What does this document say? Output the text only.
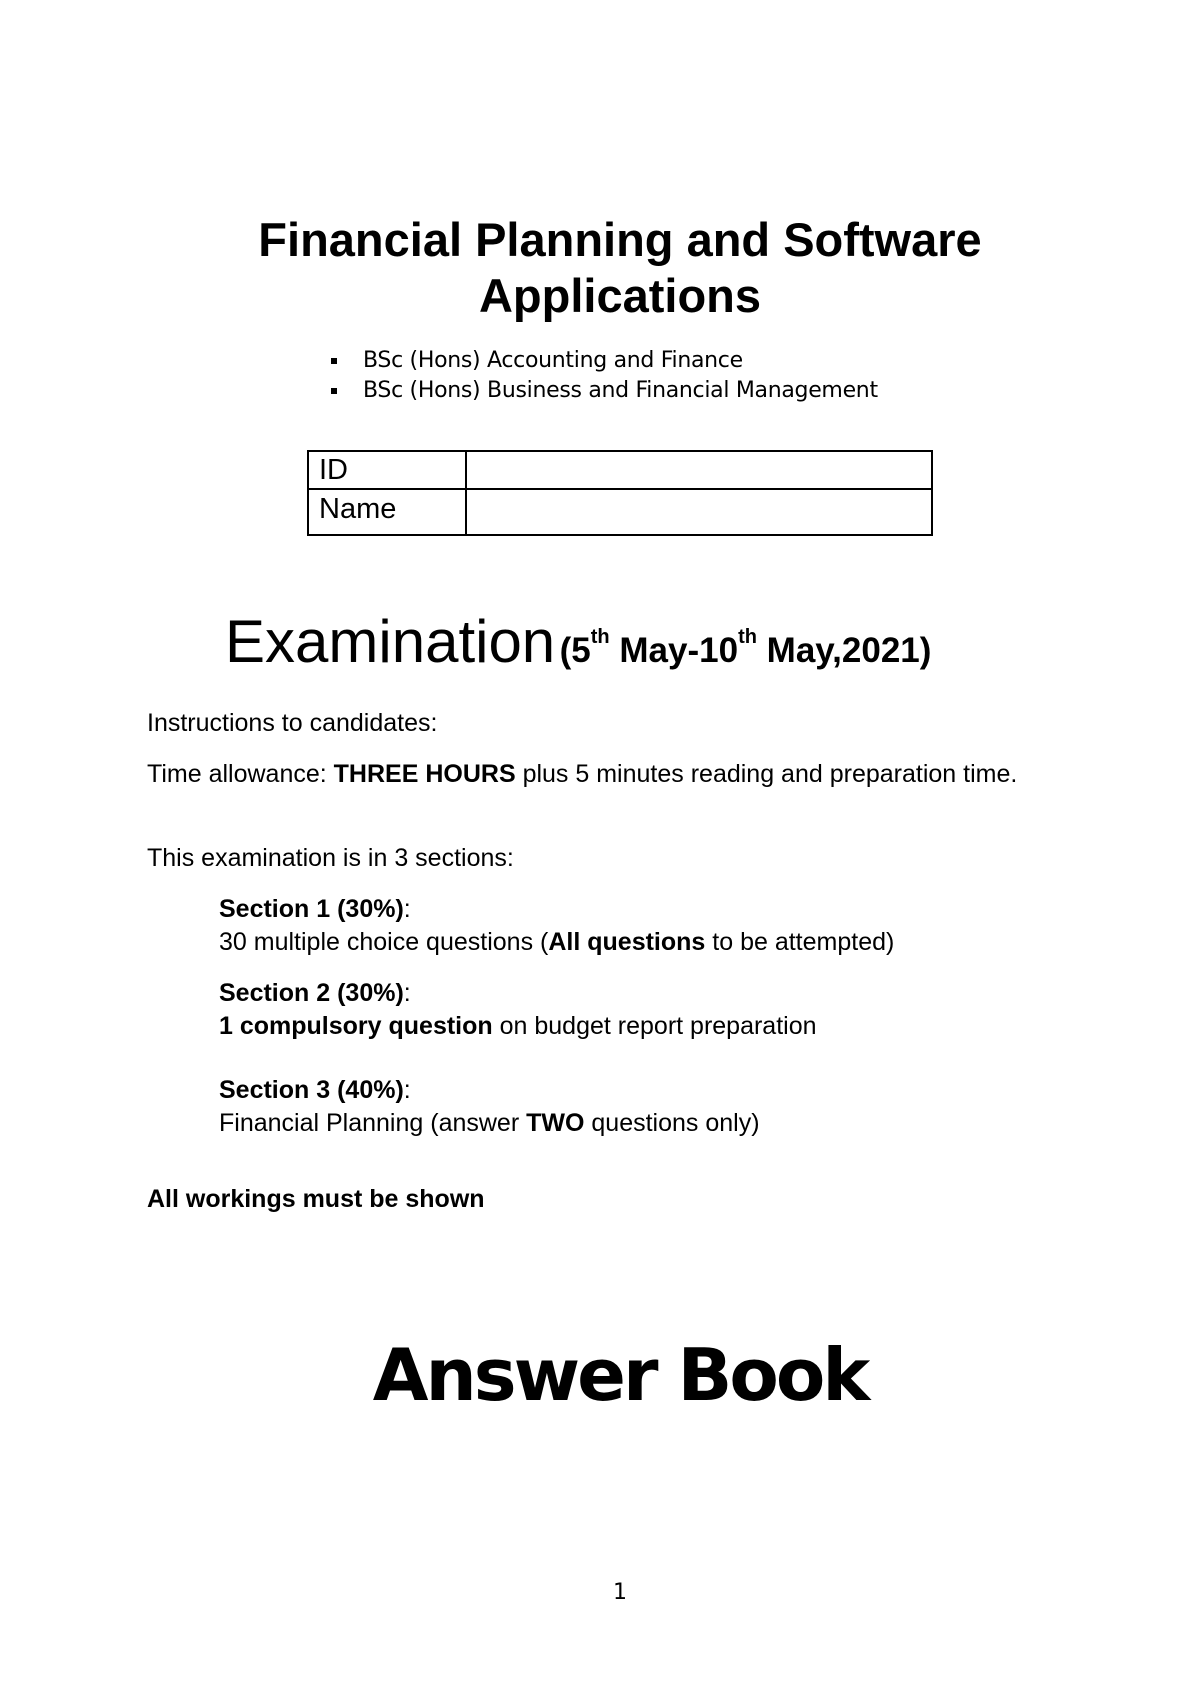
Financial Planning and Software
Applications
BSc (Hons) Accounting and Finance
BSc (Hons) Business and Financial Management
ID	
Name	
Examination (5th May-10th May,2021)
Instructions to candidates:
Time allowance: THREE HOURS plus 5 minutes reading and preparation time.
This examination is in 3 sections:
Section 1 (30%):
30 multiple choice questions (All questions to be attempted)
Section 2 (30%):
1 compulsory question on budget report preparation
Section 3 (40%):
Financial Planning (answer TWO questions only)
All workings must be shown
Answer Book
1
